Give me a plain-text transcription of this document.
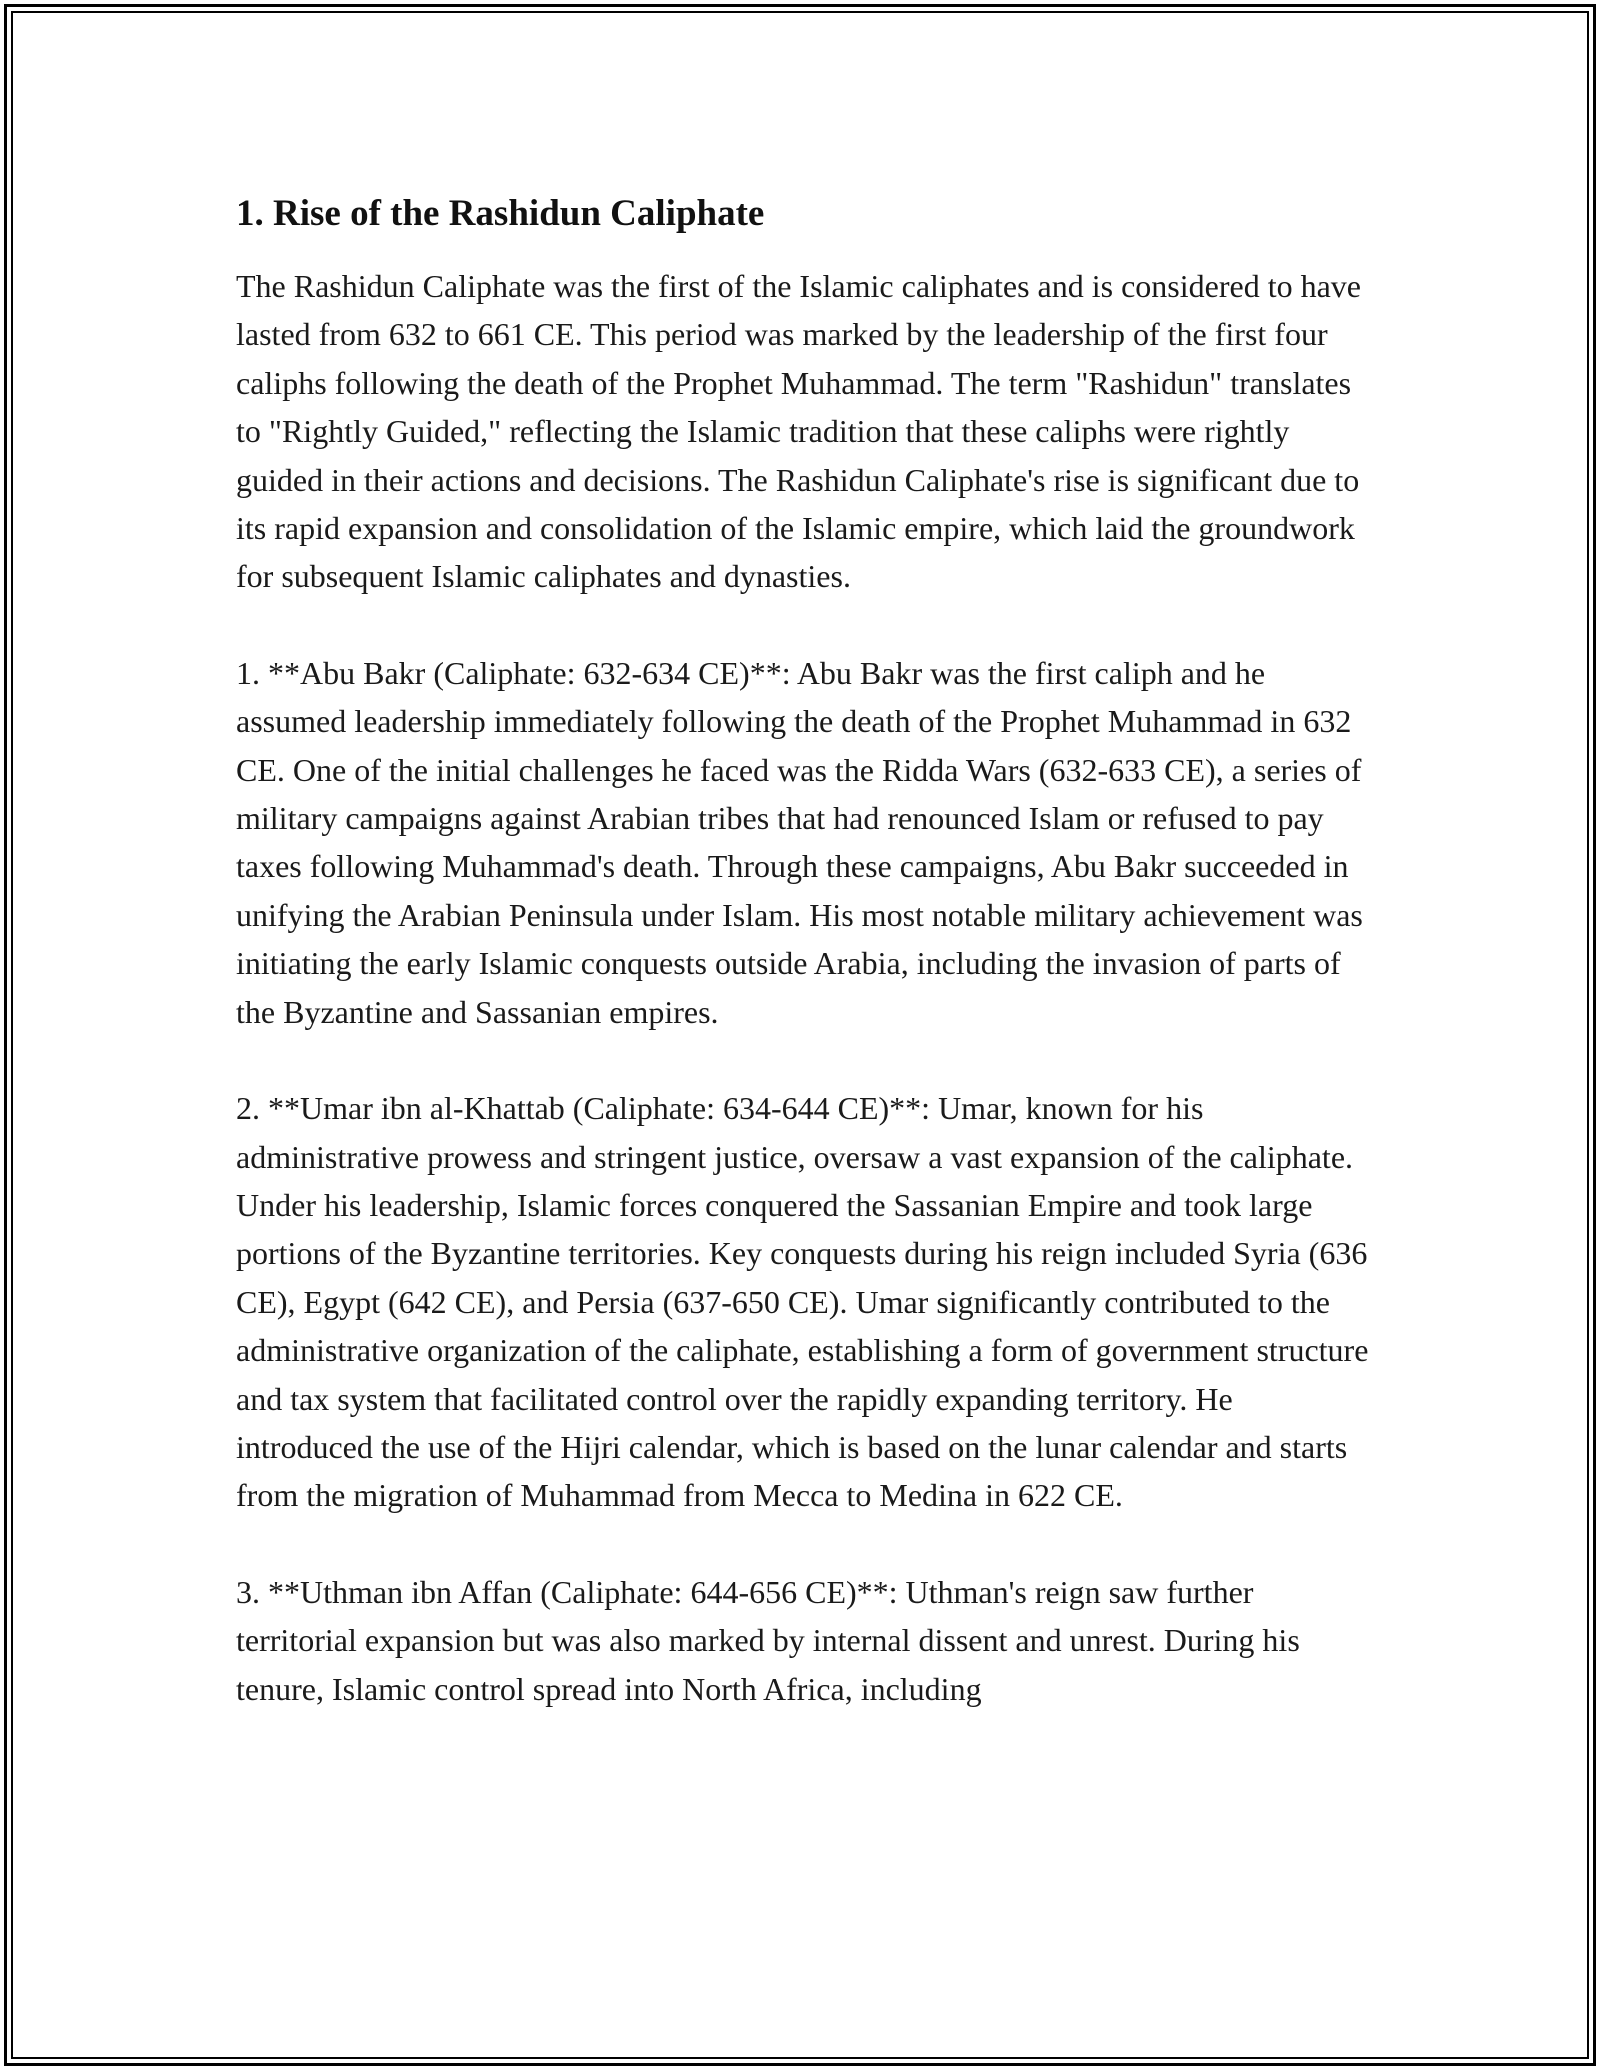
1. Rise of the Rashidun Caliphate

The Rashidun Caliphate was the first of the Islamic caliphates and is considered to have lasted from 632 to 661 CE. This period was marked by the leadership of the first four caliphs following the death of the Prophet Muhammad. The term "Rashidun" translates to "Rightly Guided," reflecting the Islamic tradition that these caliphs were rightly guided in their actions and decisions. The Rashidun Caliphate's rise is significant due to its rapid expansion and consolidation of the Islamic empire, which laid the groundwork for subsequent Islamic caliphates and dynasties.

1. **Abu Bakr (Caliphate: 632-634 CE)**: Abu Bakr was the first caliph and he assumed leadership immediately following the death of the Prophet Muhammad in 632 CE. One of the initial challenges he faced was the Ridda Wars (632-633 CE), a series of military campaigns against Arabian tribes that had renounced Islam or refused to pay taxes following Muhammad's death. Through these campaigns, Abu Bakr succeeded in unifying the Arabian Peninsula under Islam. His most notable military achievement was initiating the early Islamic conquests outside Arabia, including the invasion of parts of the Byzantine and Sassanian empires.

2. **Umar ibn al-Khattab (Caliphate: 634-644 CE)**: Umar, known for his administrative prowess and stringent justice, oversaw a vast expansion of the caliphate. Under his leadership, Islamic forces conquered the Sassanian Empire and took large portions of the Byzantine territories. Key conquests during his reign included Syria (636 CE), Egypt (642 CE), and Persia (637-650 CE). Umar significantly contributed to the administrative organization of the caliphate, establishing a form of government structure and tax system that facilitated control over the rapidly expanding territory. He introduced the use of the Hijri calendar, which is based on the lunar calendar and starts from the migration of Muhammad from Mecca to Medina in 622 CE.

3. **Uthman ibn Affan (Caliphate: 644-656 CE)**: Uthman's reign saw further territorial expansion but was also marked by internal dissent and unrest. During his tenure, Islamic control spread into North Africa, including
